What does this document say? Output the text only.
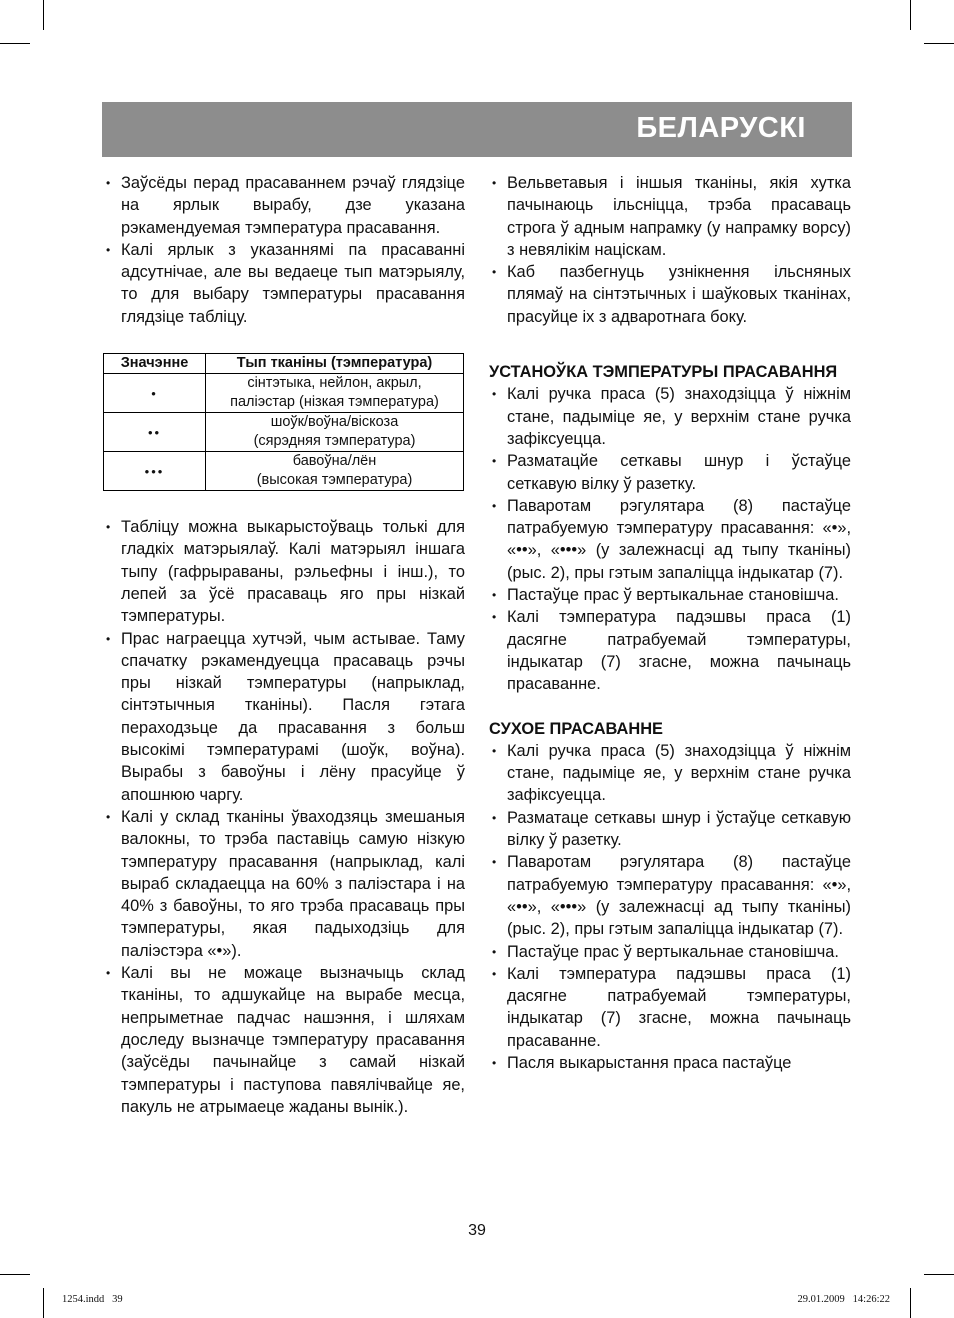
БЕЛАРУСКІ
• Заўсёды перад прасаваннем рэчаў глядзіце на ярлык вырабу, дзе указана рэкамендуемая тэмпература прасавання.
• Калі ярлык з указаннямі па прасаванні адсутнічае, але вы ведаеце тып матэрыялу, то для выбару тэмпературы прасавання глядзіце табліцу.
Значэнне	Тып тканіны (тэмпература)
•	сінтэтыка, нейлон, акрыл,
паліэстар (нізкая тэмпература)

••	шоўк/воўна/віскоза
(сярэдняя тэмпература)

•••	бавоўна/лён
(высокая тэмпература)
• Табліцу можна выкарыстоўваць толькі для гладкіх матэрыялаў. Калі матэрыял іншага тыпу (гафрыраваны, рэльефны і інш.), то лепей за ўсё прасаваць яго пры нізкай тэмпературы.
• Прас награецца хутчэй, чым астывае. Таму спачатку рэкамендуецца прасаваць рэчы пры нізкай тэмпературы (напрыклад, сінтэтычныя тканіны). Пасля гэтага пераходзьце да прасавання з больш высокімі тэмпературамі (шоўк, воўна). Вырабы з бавоўны і лёну прасуйце ў апошнюю чаргу.
• Калі у склад тканіны ўваходзяць змешаныя валокны, то трэба паставіць самую нізкую тэмпературу прасавання (напрыклад, калі выраб складаецца на 60% з паліэстара і на 40% з бавоўны, то яго трэба прасаваць пры тэмпературы, якая падыходзіць для паліэстэра «•»).
• Калі вы не можаце вызначыць склад тканіны, то адшукайце на вырабе месца, непрыметнае падчас нашэння, і шляхам доследу вызначце тэмпературу прасавання (заўсёды пачынайце з самай нізкай тэмпературы і паступова павялічвайце яе, пакуль не атрымаеце жаданы вынік.).
• Вельветавыя і іншыя тканіны, якія хутка пачынаюць ільсніцца, трэба прасаваць строга ў адным напрамку (у напрамку ворсу) з невялікім націскам.
• Каб пазбегнуць узнікнення ільсняных плямаў на сінтэтычных і шаўковых тканінах, прасуйце іх з адваротнага боку.
УСТАНОЎКА ТЭМПЕРАТУРЫ ПРАСАВАННЯ
• Калі ручка праса (5) знаходзіцца ў ніжнім стане, падыміце яе, у верхнім стане ручка зафіксуецца.
• Разматацйе сеткавы шнур і ўстаўце сеткавую вілку ў разетку.
• Паваротам рэгулятара (8) пастаўце патрабуемую тэмпературу прасавання: «•», «••», «•••» (у залежнасці ад тыпу тканіны) (рыс. 2), пры гэтым запаліцца індыкатар (7).
• Пастаўце прас ў вертыкальнае становішча.
• Калі тэмпература падэшвы праса (1) дасягне патрабуемай тэмпературы, індыкатар (7) згасне, можна пачынаць прасаванне.
СУХОЕ ПРАСАВАННЕ
• Калі ручка праса (5) знаходзіцца ў ніжнім стане, падыміце яе, у верхнім стане ручка зафіксуецца.
• Разматаце сеткавы шнур і ўстаўце сеткавую вілку ў разетку.
• Паваротам рэгулятара (8) пастаўце патрабуемую тэмпературу прасавання: «•», «••», «•••» (у залежнасці ад тыпу тканіны) (рыс. 2), пры гэтым запаліцца індыкатар (7).
• Пастаўце прас ў вертыкальнае становішча.
• Калі тэмпература падэшвы праса (1) дасягне патрабуемай тэмпературы, індыкатар (7) згасне, можна пачынаць прасаванне.
• Пасля выкарыстання праса пастаўце
39
1254.indd   39	29.01.2009   14:26:22
